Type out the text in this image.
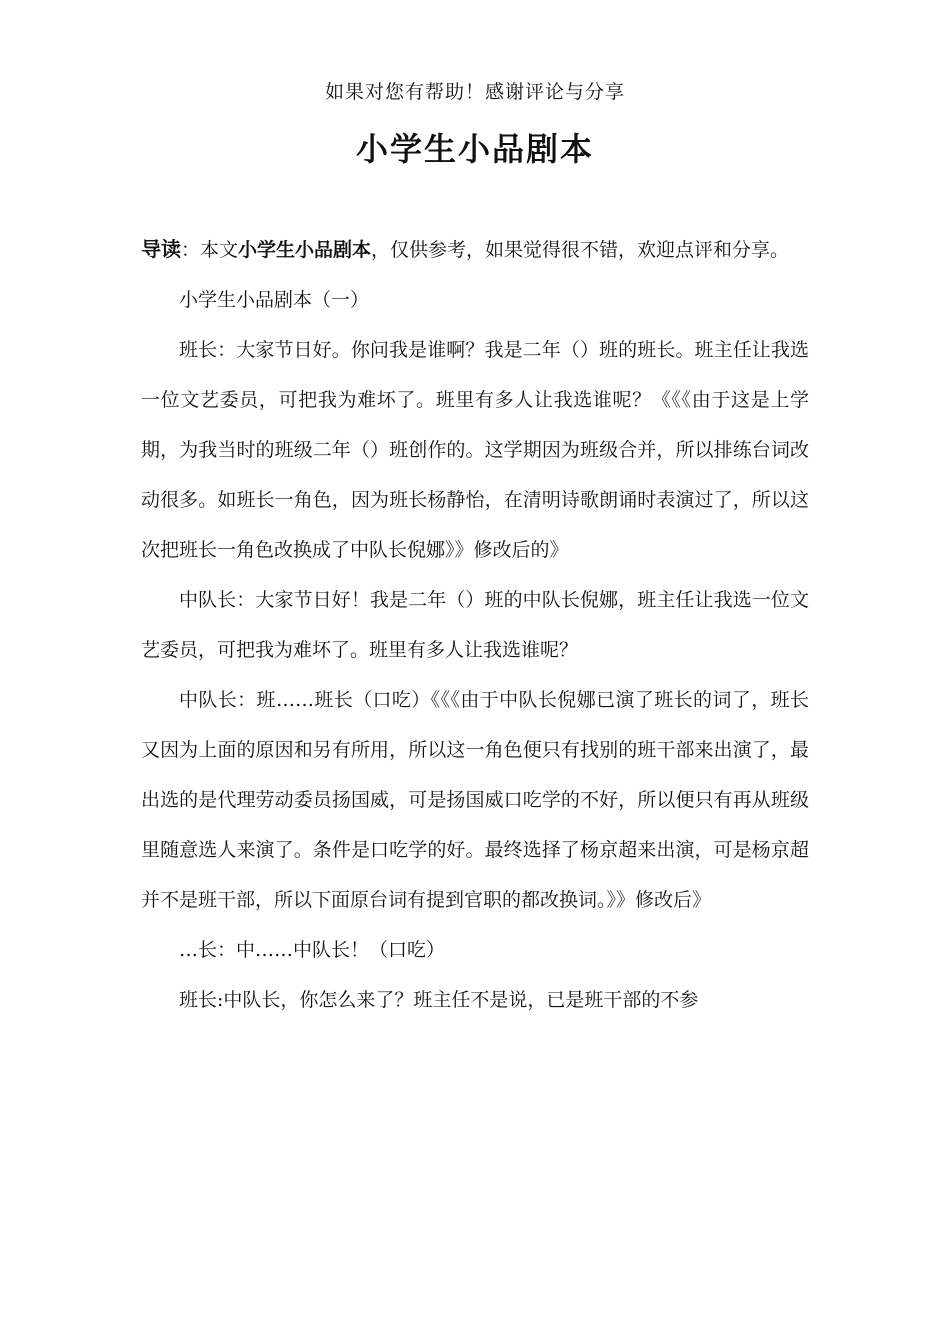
如果对您有帮助！感谢评论与分享
小学生小品剧本

导读：本文小学生小品剧本，仅供参考，如果觉得很不错，欢迎点评和分享。

小学生小品剧本（一）

班长：大家节日好。你问我是谁啊？我是二年（）班的班长。班主任让我选一位文艺委员，可把我为难坏了。班里有多人让我选谁呢？《《《由于这是上学期，为我当时的班级二年（）班创作的。这学期因为班级合并，所以排练台词改动很多。如班长一角色，因为班长杨静怡，在清明诗歌朗诵时表演过了，所以这次把班长一角色改换成了中队长倪娜》》修改后的》

中队长：大家节日好！我是二年（）班的中队长倪娜，班主任让我选一位文艺委员，可把我为难坏了。班里有多人让我选谁呢？

中队长：班……班长（口吃）《《《由于中队长倪娜已演了班长的词了，班长又因为上面的原因和另有所用，所以这一角色便只有找别的班干部来出演了，最出选的是代理劳动委员扬国威，可是扬国威口吃学的不好，所以便只有再从班级里随意选人来演了。条件是口吃学的好。最终选择了杨京超来出演，可是杨京超并不是班干部，所以下面原台词有提到官职的都改换词。》》修改后》

…长：中……中队长！（口吃）

班长:中队长，你怎么来了？班主任不是说，已是班干部的不参
